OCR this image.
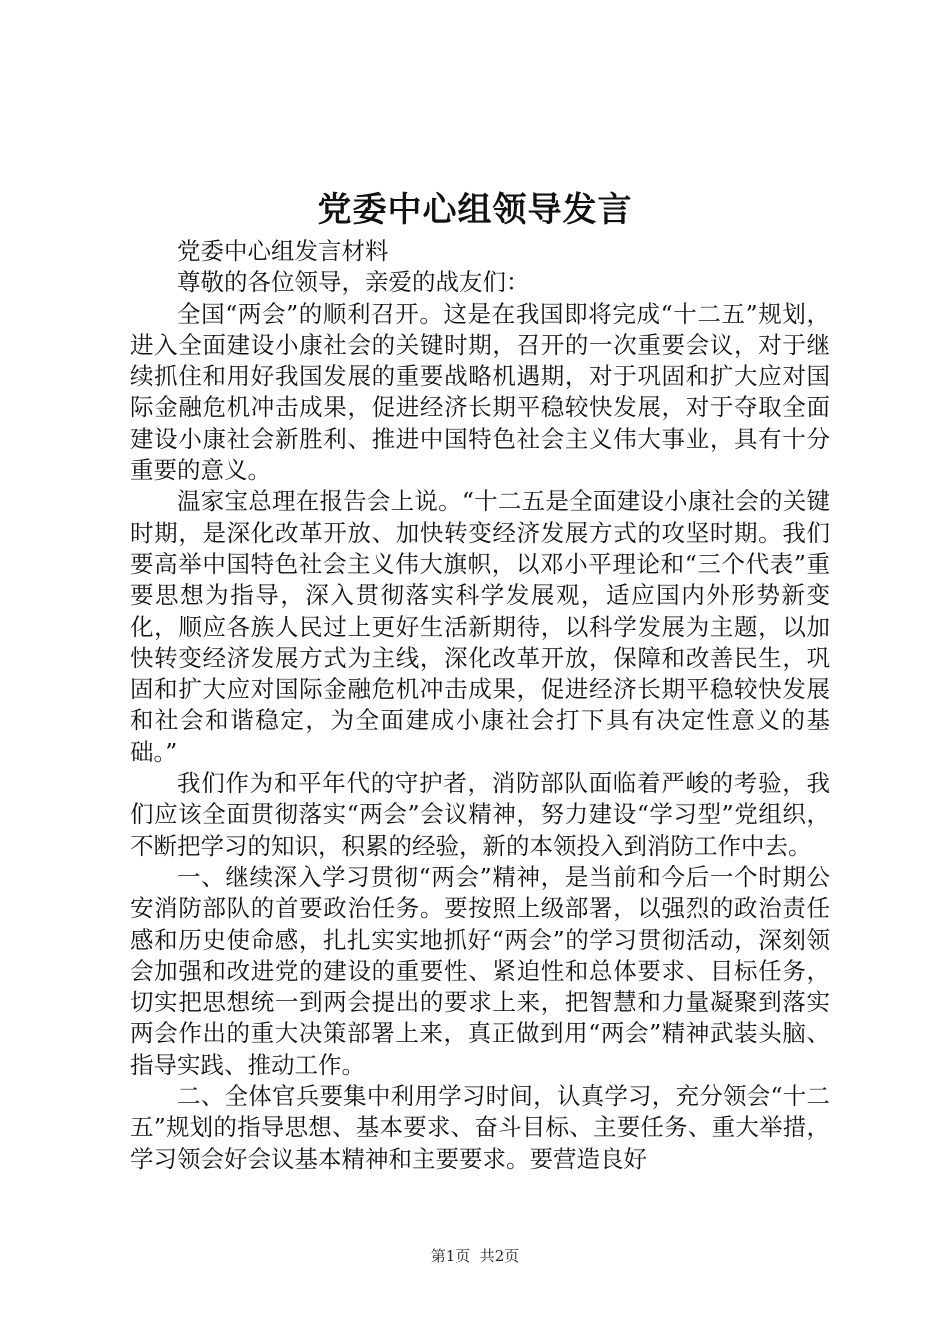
党委中心组领导发言

党委中心组发言材料

尊敬的各位领导，亲爱的战友们：

全国“两会”的顺利召开。这是在我国即将完成“十二五”规划，进入全面建设小康社会的关键时期，召开的一次重要会议，对于继续抓住和用好我国发展的重要战略机遇期，对于巩固和扩大应对国际金融危机冲击成果，促进经济长期平稳较快发展，对于夺取全面建设小康社会新胜利、推进中国特色社会主义伟大事业，具有十分重要的意义。

温家宝总理在报告会上说。“十二五是全面建设小康社会的关键时期，是深化改革开放、加快转变经济发展方式的攻坚时期。我们要高举中国特色社会主义伟大旗帜，以邓小平理论和“三个代表”重要思想为指导，深入贯彻落实科学发展观，适应国内外形势新变化，顺应各族人民过上更好生活新期待，以科学发展为主题，以加快转变经济发展方式为主线，深化改革开放，保障和改善民生，巩固和扩大应对国际金融危机冲击成果，促进经济长期平稳较快发展和社会和谐稳定，为全面建成小康社会打下具有决定性意义的基础。”

我们作为和平年代的守护者，消防部队面临着严峻的考验，我们应该全面贯彻落实“两会”会议精神，努力建设“学习型”党组织，不断把学习的知识，积累的经验，新的本领投入到消防工作中去。

一、继续深入学习贯彻“两会”精神，是当前和今后一个时期公安消防部队的首要政治任务。要按照上级部署，以强烈的政治责任感和历史使命感，扎扎实实地抓好“两会”的学习贯彻活动，深刻领会加强和改进党的建设的重要性、紧迫性和总体要求、目标任务，切实把思想统一到两会提出的要求上来，把智慧和力量凝聚到落实两会作出的重大决策部署上来，真正做到用“两会”精神武装头脑、指导实践、推动工作。

二、全体官兵要集中利用学习时间，认真学习，充分领会“十二五”规划的指导思想、基本要求、奋斗目标、主要任务、重大举措，学习领会好会议基本精神和主要要求。要营造良好

第1页  共2页
